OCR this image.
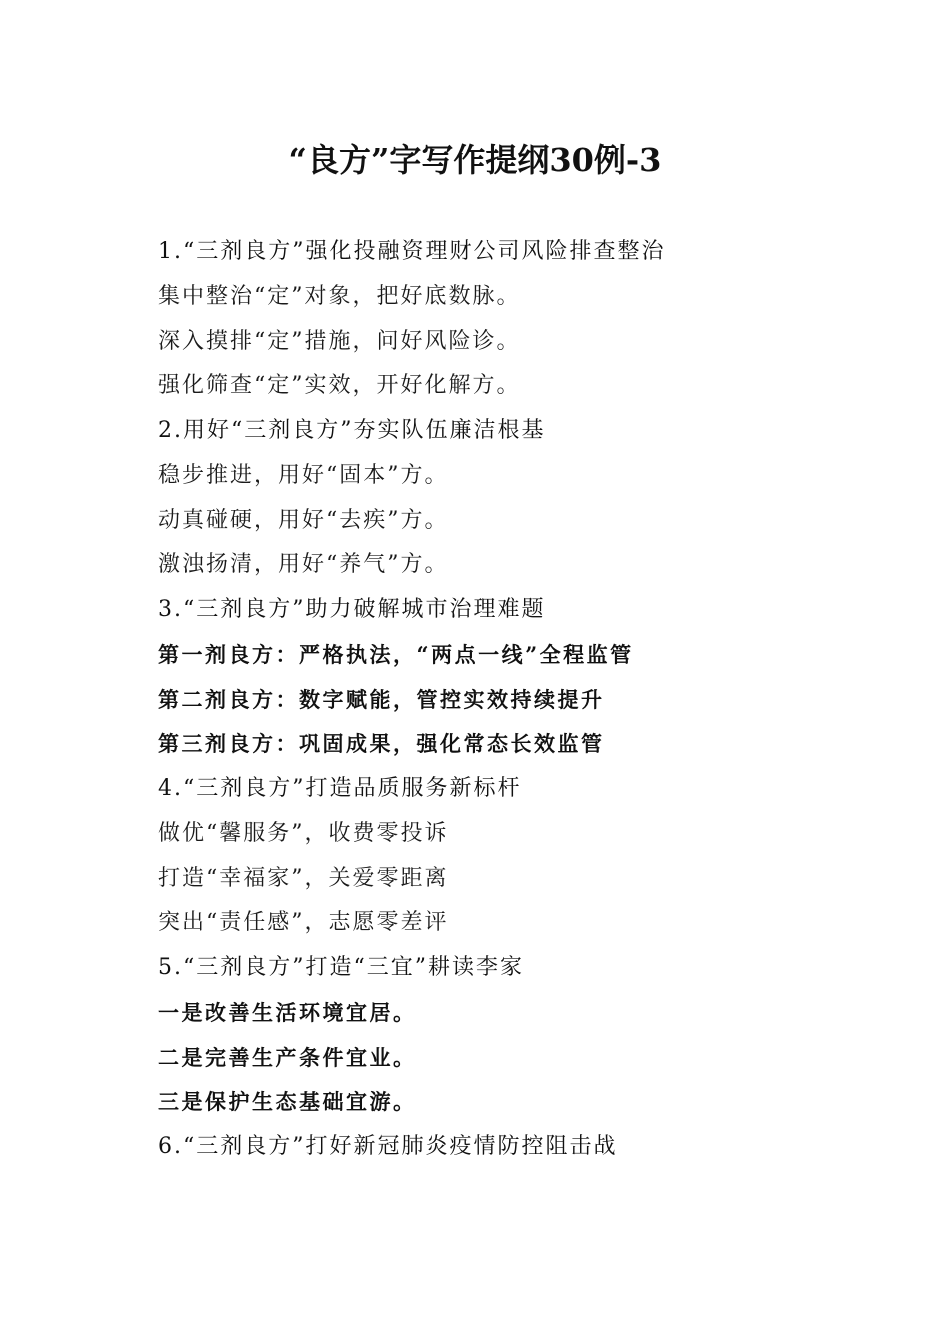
“良方”字写作提纲30例-3
1.“三剂良方”强化投融资理财公司风险排查整治
集中整治“定”对象，把好底数脉。
深入摸排“定”措施，问好风险诊。
强化筛查“定”实效，开好化解方。
2.用好“三剂良方”夯实队伍廉洁根基
稳步推进，用好“固本”方。
动真碰硬，用好“去疾”方。
激浊扬清，用好“养气”方。
3.“三剂良方”助力破解城市治理难题
第一剂良方：严格执法，“两点一线”全程监管
第二剂良方：数字赋能，管控实效持续提升
第三剂良方：巩固成果，强化常态长效监管
4.“三剂良方”打造品质服务新标杆
做优“馨服务”，收费零投诉
打造“幸福家”，关爱零距离
突出“责任感”，志愿零差评
5.“三剂良方”打造“三宜”耕读李家
一是改善生活环境宜居。
二是完善生产条件宜业。
三是保护生态基础宜游。
6.“三剂良方”打好新冠肺炎疫情防控阻击战
